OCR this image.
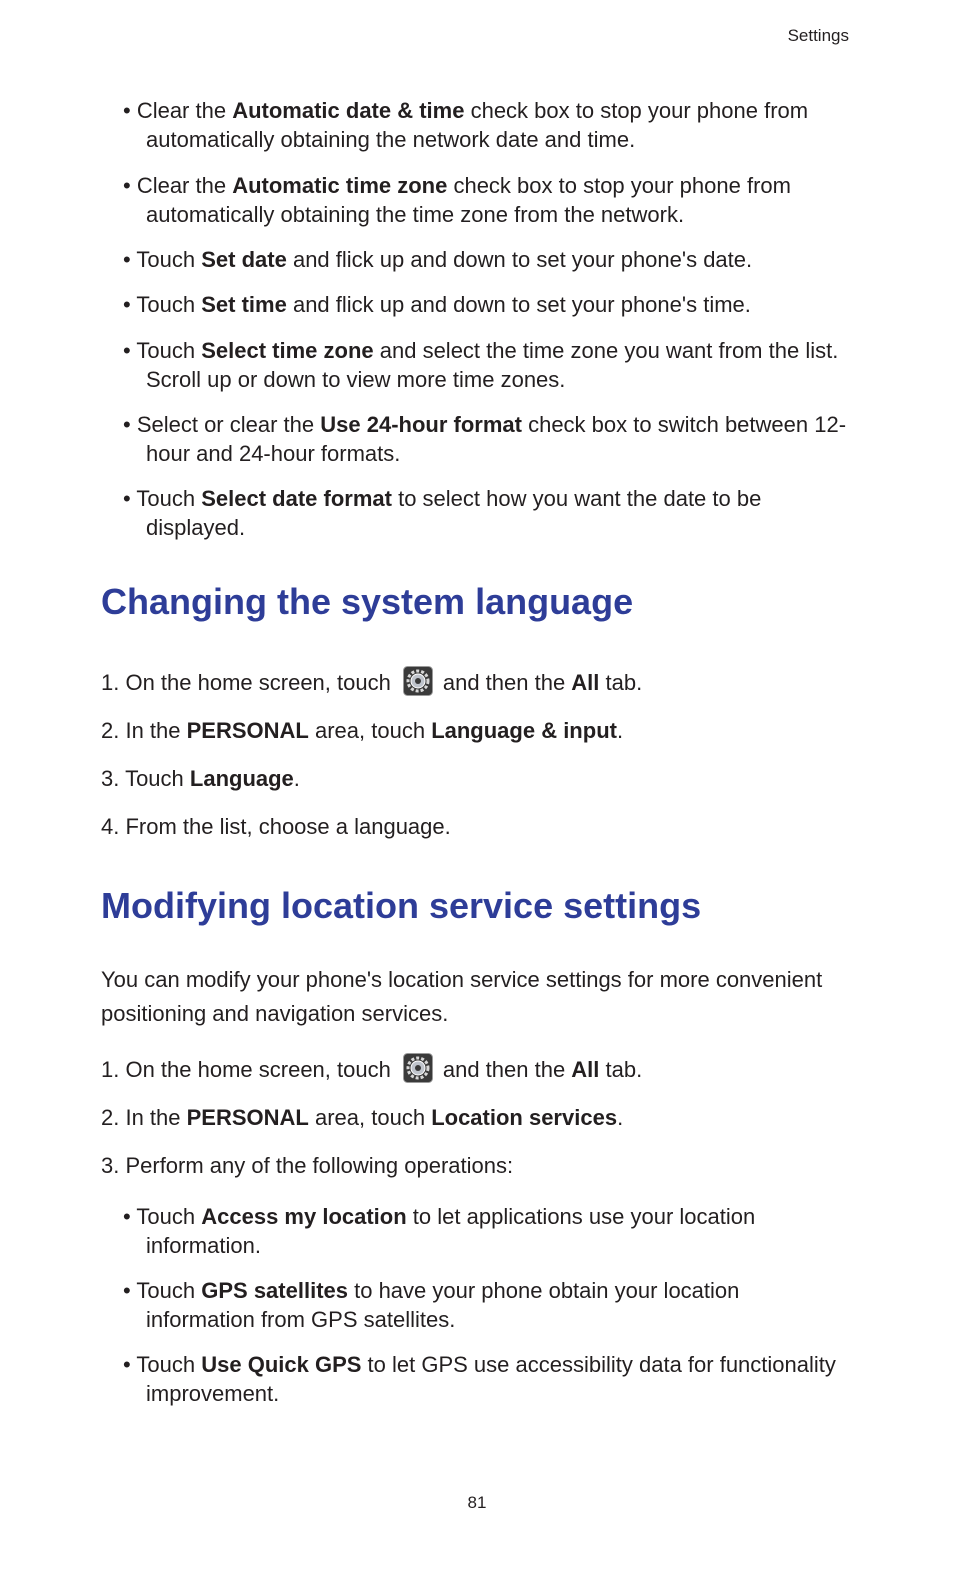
Settings
• Clear the Automatic date & time check box to stop your phone from
automatically obtaining the network date and time.
• Clear the Automatic time zone check box to stop your phone from
automatically obtaining the time zone from the network.
• Touch Set date and flick up and down to set your phone's date.
• Touch Set time and flick up and down to set your phone's time.
• Touch Select time zone and select the time zone you want from the list.
Scroll up or down to view more time zones.
• Select or clear the Use 24-hour format check box to switch between 12-
hour and 24-hour formats.
• Touch Select date format to select how you want the date to be
displayed.
Changing the system language
1. On the home screen, touch and then the All tab.
2. In the PERSONAL area, touch Language & input.
3. Touch Language.
4. From the list, choose a language.
Modifying location service settings
You can modify your phone's location service settings for more convenient positioning and navigation services.
1. On the home screen, touch and then the All tab.
2. In the PERSONAL area, touch Location services.
3. Perform any of the following operations:
• Touch Access my location to let applications use your location
information.
• Touch GPS satellites to have your phone obtain your location
information from GPS satellites.
• Touch Use Quick GPS to let GPS use accessibility data for functionality
improvement.
81
